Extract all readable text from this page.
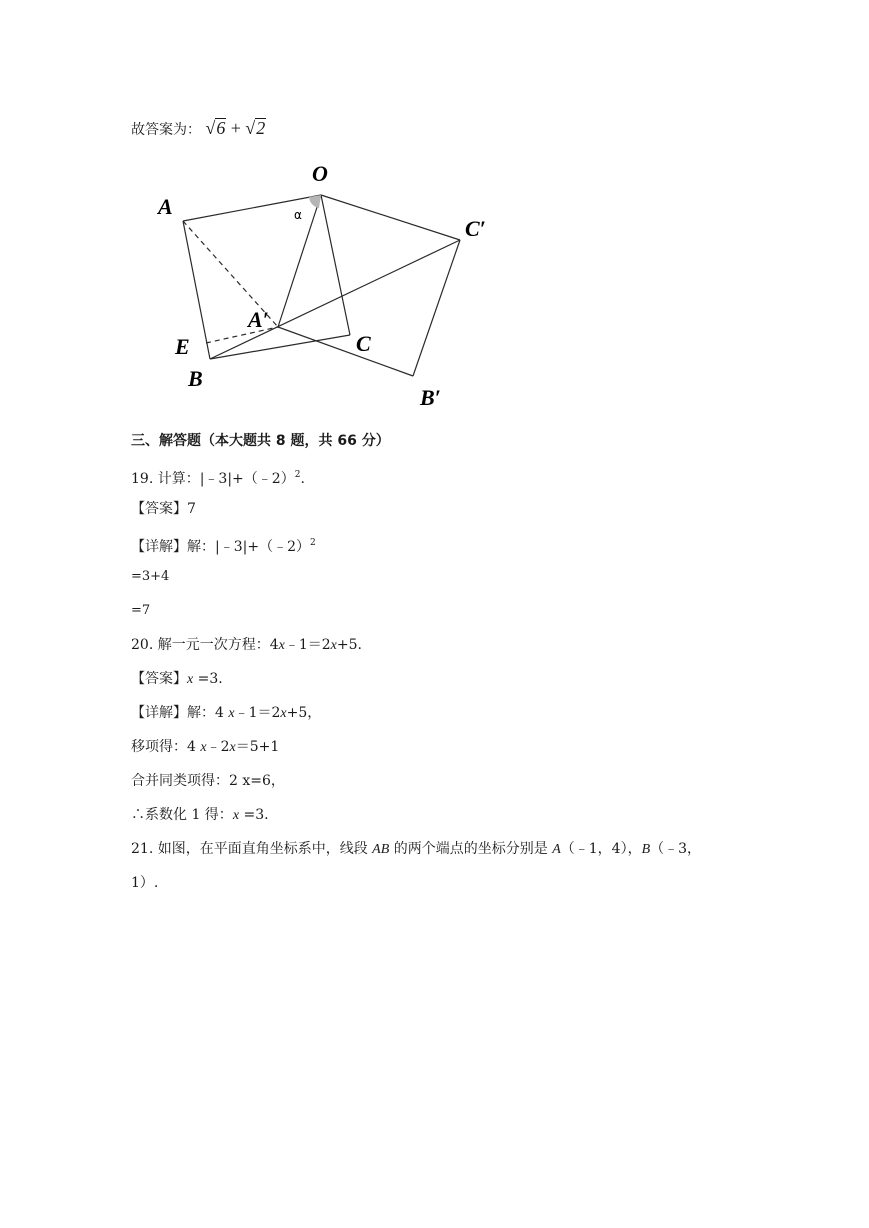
故答案为： √6 + √2
O
A
C′
A′
E	C
B
B′
α
三、解答题（本大题共 8 题，共 66 分）
19. 计算：|﹣3|+（﹣2）$^2$.
【答案】7
【详解】解：|﹣3|+（﹣2）$^2$
=3+4
=7
20. 解一元一次方程：4x﹣1＝2x+5.
【答案】x =3.
【详解】解：4 x﹣1＝2x+5，
移项得：4 x﹣2x＝5+1
合并同类项得：2 x=6，
∴系数化 1 得：x =3.
21. 如图，在平面直角坐标系中，线段 AB 的两个端点的坐标分别是 A（﹣1，4），B（﹣3，
1）.
